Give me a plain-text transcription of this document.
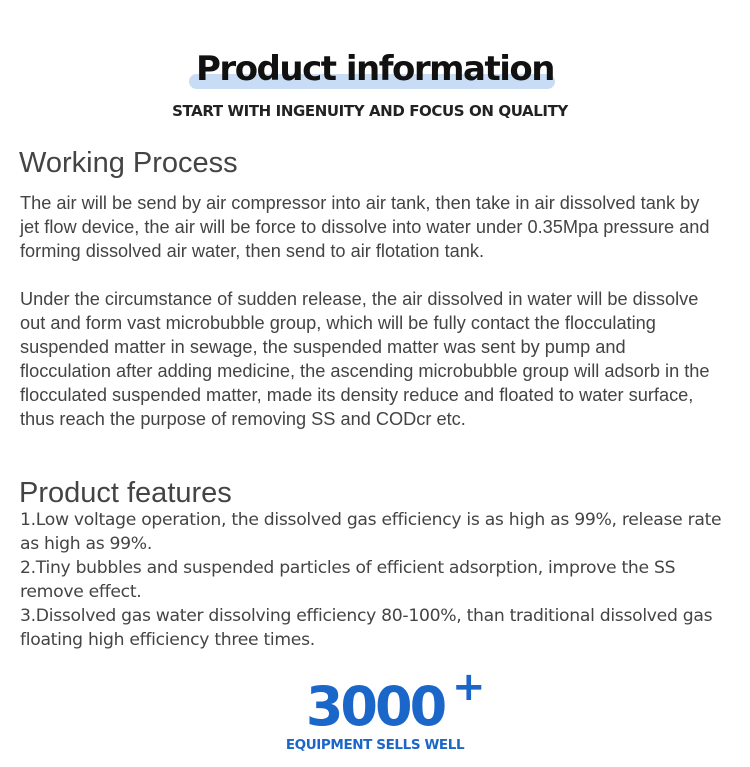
Product information
START WITH INGENUITY AND FOCUS ON QUALITY
Working Process

The air will be send by air compressor into air tank, then take in air dissolved tank by jet flow device, the air will be force to dissolve into water under 0.35Mpa pressure and forming dissolved air water, then send to air flotation tank.

Under the circumstance of sudden release, the air dissolved in water will be dissolve out and form vast microbubble group, which will be fully contact the flocculating suspended matter in sewage, the suspended matter was sent by pump and flocculation after adding medicine, the ascending microbubble group will adsorb in the flocculated suspended matter, made its density reduce and floated to water surface, thus reach the purpose of removing SS and CODcr etc.

Product features

1.Low voltage operation, the dissolved gas efficiency is as high as 99%, release rate as high as 99%.

2.Tiny bubbles and suspended particles of efficient adsorption, improve the SS remove effect.

3.Dissolved gas water dissolving efficiency 80-100%, than traditional dissolved gas floating high efficiency three times.

3000 +
EQUIPMENT SELLS WELL
